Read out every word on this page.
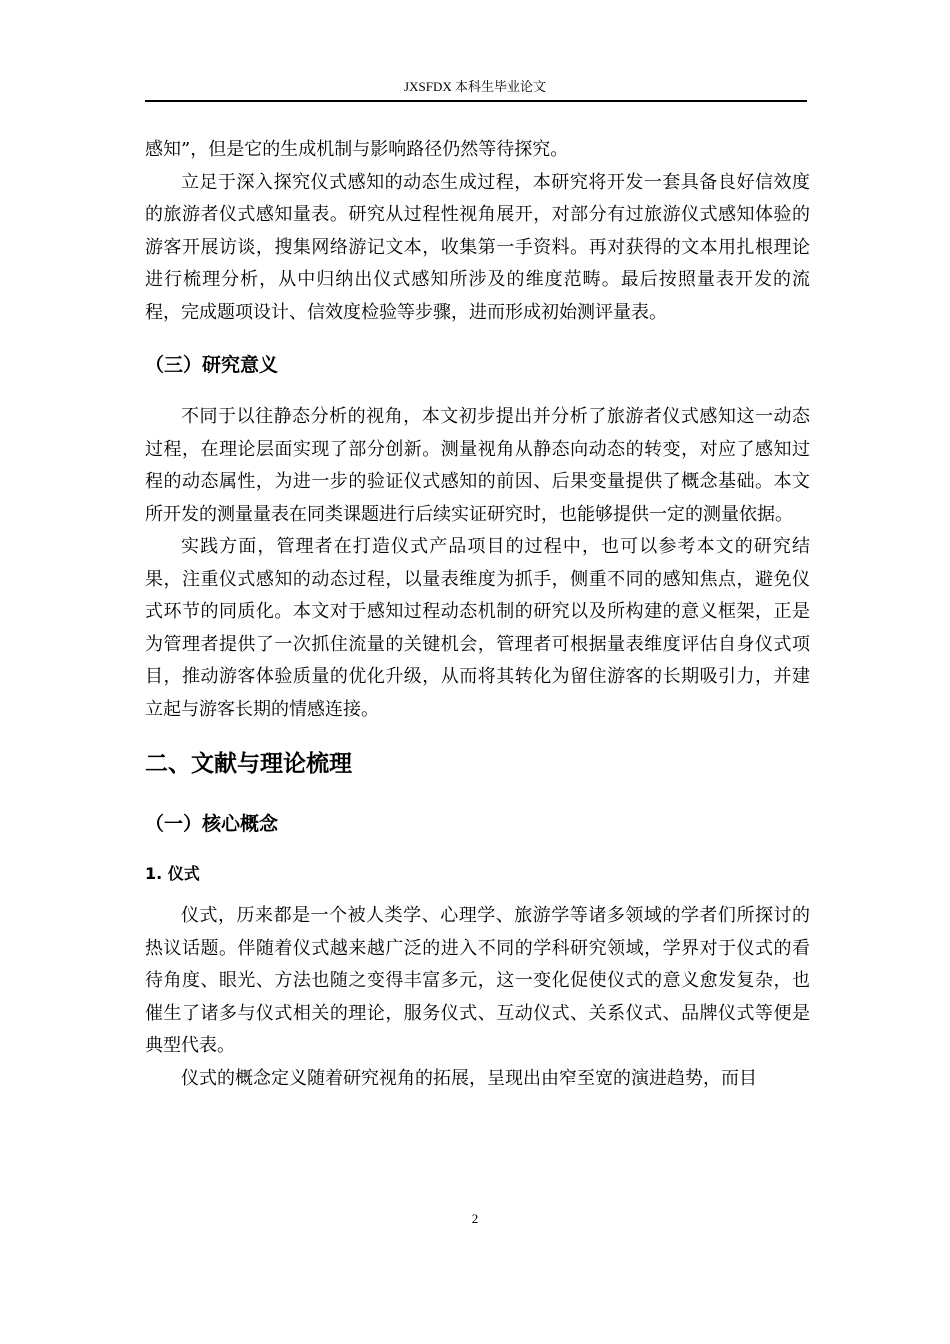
JXSFDX 本科生毕业论文

感知”，但是它的生成机制与影响路径仍然等待探究。

立足于深入探究仪式感知的动态生成过程，本研究将开发一套具备良好信效度的旅游者仪式感知量表。研究从过程性视角展开，对部分有过旅游仪式感知体验的游客开展访谈，搜集网络游记文本，收集第一手资料。再对获得的文本用扎根理论进行梳理分析，从中归纳出仪式感知所涉及的维度范畴。最后按照量表开发的流程，完成题项设计、信效度检验等步骤，进而形成初始测评量表。

（三）研究意义

不同于以往静态分析的视角，本文初步提出并分析了旅游者仪式感知这一动态过程，在理论层面实现了部分创新。测量视角从静态向动态的转变，对应了感知过程的动态属性，为进一步的验证仪式感知的前因、后果变量提供了概念基础。本文所开发的测量量表在同类课题进行后续实证研究时，也能够提供一定的测量依据。

实践方面，管理者在打造仪式产品项目的过程中，也可以参考本文的研究结果，注重仪式感知的动态过程，以量表维度为抓手，侧重不同的感知焦点，避免仪式环节的同质化。本文对于感知过程动态机制的研究以及所构建的意义框架，正是为管理者提供了一次抓住流量的关键机会，管理者可根据量表维度评估自身仪式项目，推动游客体验质量的优化升级，从而将其转化为留住游客的长期吸引力，并建立起与游客长期的情感连接。

二、文献与理论梳理
（一）核心概念
1. 仪式

仪式，历来都是一个被人类学、心理学、旅游学等诸多领域的学者们所探讨的热议话题。伴随着仪式越来越广泛的进入不同的学科研究领域，学界对于仪式的看待角度、眼光、方法也随之变得丰富多元，这一变化促使仪式的意义愈发复杂，也催生了诸多与仪式相关的理论，服务仪式、互动仪式、关系仪式、品牌仪式等便是典型代表。

仪式的概念定义随着研究视角的拓展，呈现出由窄至宽的演进趋势，而目

2
